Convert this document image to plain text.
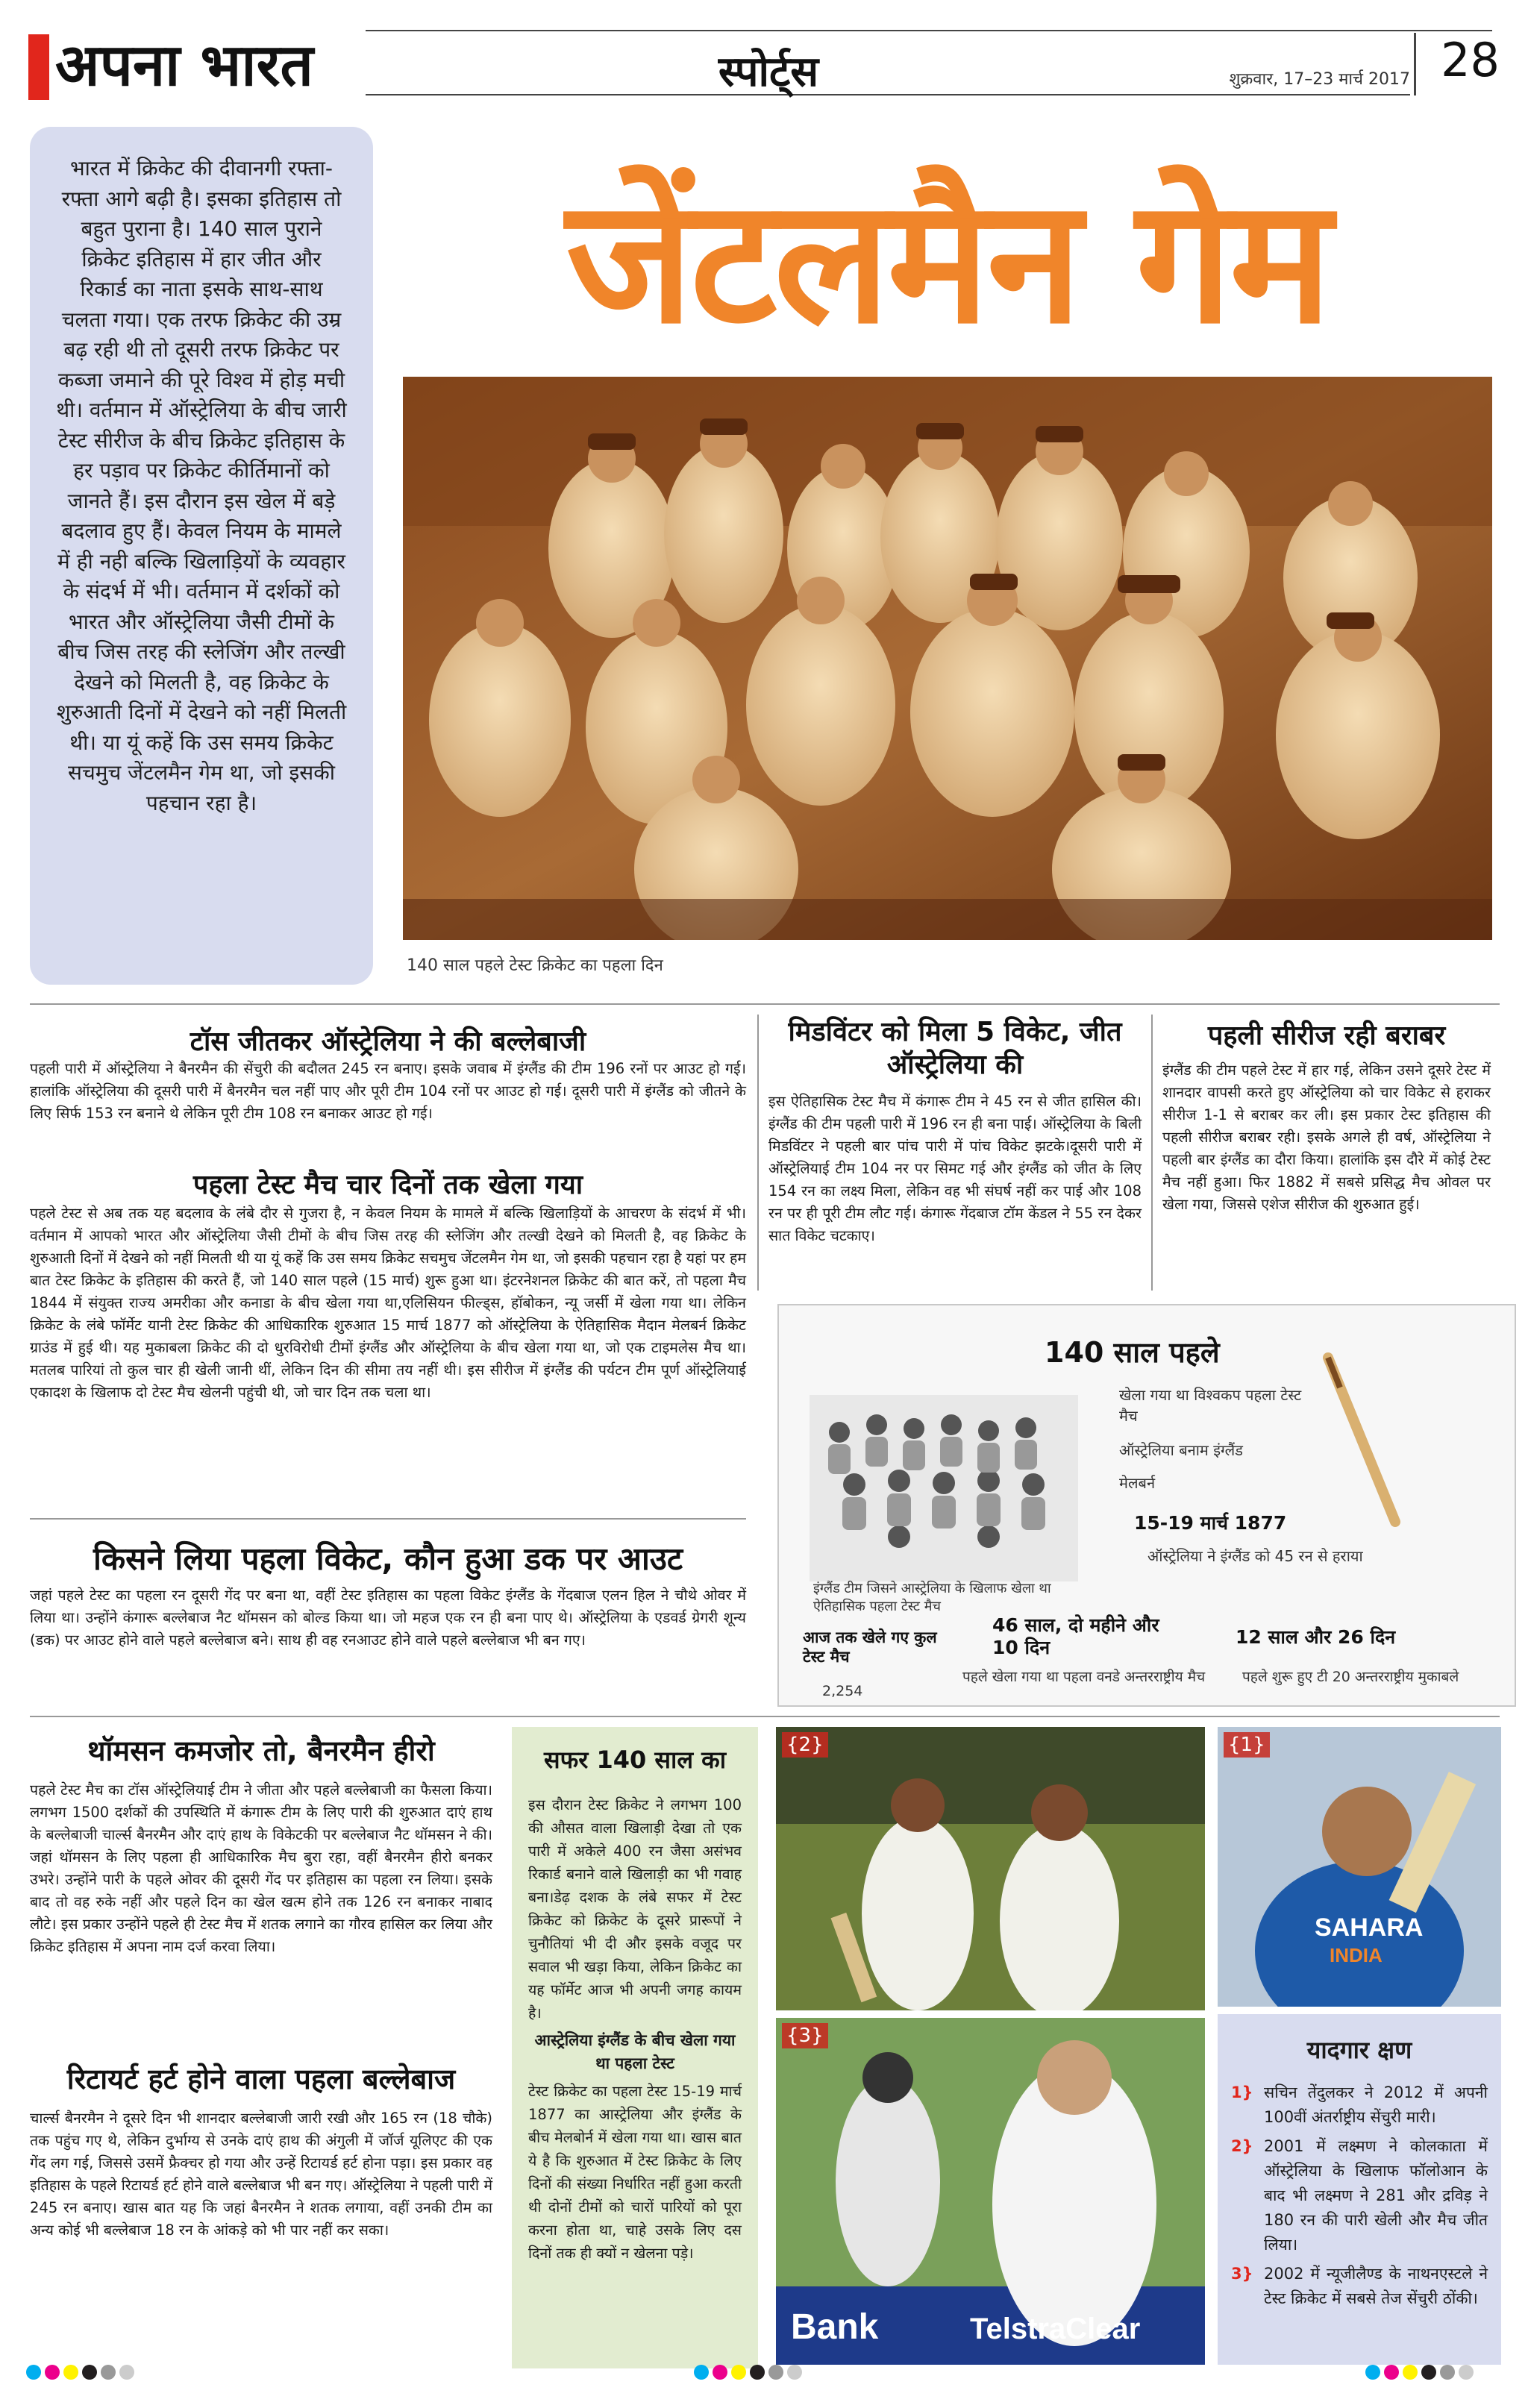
अपना भारत	स्पोर्ट्स	शुक्रवार, 17–23 मार्च 2017 28
भारत में क्रिकेट की दीवानगी रफ्ता-रफ्ता आगे बढ़ी है। इसका इतिहास तो बहुत पुराना है। 140 साल पुराने क्रिकेट इतिहास में हार जीत और रिकार्ड का नाता इसके साथ-साथ चलता गया। एक तरफ क्रिकेट की उम्र बढ़ रही थी तो दूसरी तरफ क्रिकेट पर कब्जा जमाने की पूरे विश्व में होड़ मची थी। वर्तमान में ऑस्ट्रेलिया के बीच जारी टेस्ट सीरीज के बीच क्रिकेट इतिहास के हर पड़ाव पर क्रिकेट कीर्तिमानों को जानते हैं। इस दौरान इस खेल में बड़े बदलाव हुए हैं। केवल नियम के मामले में ही नही बल्कि खिलाड़ियों के व्यवहार के संदर्भ में भी। वर्तमान में दर्शकों को भारत और ऑस्ट्रेलिया जैसी टीमों के बीच जिस तरह की स्लेजिंग और तल्खी देखने को मिलती है, वह क्रिकेट के शुरुआती दिनों में देखने को नहीं मिलती थी। या यूं कहें कि उस समय क्रिकेट सचमुच जेंटलमैन गेम था, जो इसकी पहचान रहा है।
जेंटलमैन गेम
140 साल पहले टेस्ट क्रिकेट का पहला दिन
टॉस जीतकर ऑस्ट्रेलिया ने की बल्लेबाजी
पहली पारी में ऑस्ट्रेलिया ने बैनरमैन की सेंचुरी की बदौलत 245 रन बनाए। इसके जवाब में इंग्लैंड की टीम 196 रनों पर आउट हो गई। हालांकि ऑस्ट्रेलिया की दूसरी पारी में बैनरमैन चल नहीं पाए और पूरी टीम 104 रनों पर आउट हो गई। दूसरी पारी में इंग्लैंड को जीतने के लिए सिर्फ 153 रन बनाने थे लेकिन पूरी टीम 108 रन बनाकर आउट हो गई।
पहला टेस्ट मैच चार दिनों तक खेला गया
पहले टेस्ट से अब तक यह बदलाव के लंबे दौर से गुजरा है, न केवल नियम के मामले में बल्कि खिलाड़ियों के आचरण के संदर्भ में भी। वर्तमान में आपको भारत और ऑस्ट्रेलिया जैसी टीमों के बीच जिस तरह की स्लेजिंग और तल्खी देखने को मिलती है, वह क्रिकेट के शुरुआती दिनों में देखने को नहीं मिलती थी या यूं कहें कि उस समय क्रिकेट सचमुच जेंटलमैन गेम था, जो इसकी पहचान रहा है यहां पर हम बात टेस्ट क्रिकेट के इतिहास की करते हैं, जो 140 साल पहले (15 मार्च) शुरू हुआ था। इंटरनेशनल क्रिकेट की बात करें, तो पहला मैच 1844 में संयुक्त राज्य अमरीका और कनाडा के बीच खेला गया था,एलिसियन फील्ड्स, हॉबोकन, न्यू जर्सी में खेला गया था। लेकिन क्रिकेट के लंबे फॉर्मेट यानी टेस्ट क्रिकेट की आधिकारिक शुरुआत 15 मार्च 1877 को ऑस्ट्रेलिया के ऐतिहासिक मैदान मेलबर्न क्रिकेट ग्राउंड में हुई थी। यह मुकाबला क्रिकेट की दो धुरविरोधी टीमों इंग्लैंड और ऑस्ट्रेलिया के बीच खेला गया था, जो एक टाइमलेस मैच था। मतलब पारियां तो कुल चार ही खेली जानी थीं, लेकिन दिन की सीमा तय नहीं थी। इस सीरीज में इंग्लैंड की पर्यटन टीम पूर्ण ऑस्ट्रेलियाई एकादश के खिलाफ दो टेस्ट मैच खेलनी पहुंची थी, जो चार दिन तक चला था।
मिडविंटर को मिला 5 विकेट, जीत ऑस्ट्रेलिया की
इस ऐतिहासिक टेस्ट मैच में कंगारू टीम ने 45 रन से जीत हासिल की। इंग्लैंड की टीम पहली पारी में 196 रन ही बना पाई। ऑस्ट्रेलिया के बिली मिडविंटर ने पहली बार पांच पारी में पांच विकेट झटके।दूसरी पारी में ऑस्ट्रेलियाई टीम 104 नर पर सिमट गई और इंग्लैंड को जीत के लिए 154 रन का लक्ष्य मिला, लेकिन वह भी संघर्ष नहीं कर पाई और 108 रन पर ही पूरी टीम लौट गई। कंगारू गेंदबाज टॉम केंडल ने 55 रन देकर सात विकेट चटकाए।
पहली सीरीज रही बराबर
इंग्लैंड की टीम पहले टेस्ट में हार गई, लेकिन उसने दूसरे टेस्ट में शानदार वापसी करते हुए ऑस्ट्रेलिया को चार विकेट से हराकर सीरीज 1-1 से बराबर कर ली। इस प्रकार टेस्ट इतिहास की पहली सीरीज बराबर रही। इसके अगले ही वर्ष, ऑस्ट्रेलिया ने पहली बार इंग्लैंड का दौरा किया। हालांकि इस दौरे में कोई टेस्ट मैच नहीं हुआ। फिर 1882 में सबसे प्रसिद्ध मैच ओवल पर खेला गया, जिससे एशेज सीरीज की शुरुआत हुई।
140 साल पहले
खेला गया था विश्वकप पहला टेस्ट मैच
ऑस्ट्रेलिया बनाम इंग्लैंड
मेलबर्न
15-19 मार्च 1877
ऑस्ट्रेलिया ने इंग्लैंड को 45 रन से हराया
इंग्लैंड टीम जिसने आस्ट्रेलिया के खिलाफ खेला था ऐतिहासिक पहला टेस्ट मैच
आज तक खेले गए कुल टेस्ट मैच
2,254
46 साल, दो महीने और 10 दिन
पहले खेला गया था पहला वनडे अन्तरराष्ट्रीय मैच
12 साल और 26 दिन
पहले शुरू हुए टी 20 अन्तरराष्ट्रीय मुकाबले
किसने लिया पहला विकेट, कौन हुआ डक पर आउट
जहां पहले टेस्ट का पहला रन दूसरी गेंद पर बना था, वहीं टेस्ट इतिहास का पहला विकेट इंग्लैंड के गेंदबाज एलन हिल ने चौथे ओवर में लिया था। उन्होंने कंगारू बल्लेबाज नैट थॉमसन को बोल्ड किया था। जो महज एक रन ही बना पाए थे। ऑस्ट्रेलिया के एडवर्ड ग्रेगरी शून्य (डक) पर आउट होने वाले पहले बल्लेबाज बने। साथ ही वह रनआउट होने वाले पहले बल्लेबाज भी बन गए।
थॉमसन कमजोर तो, बैनरमैन हीरो
पहले टेस्ट मैच का टॉस ऑस्ट्रेलियाई टीम ने जीता और पहले बल्लेबाजी का फैसला किया। लगभग 1500 दर्शकों की उपस्थिति में कंगारू टीम के लिए पारी की शुरुआत दाएं हाथ के बल्लेबाजी चार्ल्स बैनरमैन और दाएं हाथ के विकेटकी पर बल्लेबाज नैट थॉमसन ने की। जहां थॉमसन के लिए पहला ही आधिकारिक मैच बुरा रहा, वहीं बैनरमैन हीरो बनकर उभरे। उन्होंने पारी के पहले ओवर की दूसरी गेंद पर इतिहास का पहला रन लिया। इसके बाद तो वह रुके नहीं और पहले दिन का खेल खत्म होने तक 126 रन बनाकर नाबाद लौटे। इस प्रकार उन्होंने पहले ही टेस्ट मैच में शतक लगाने का गौरव हासिल कर लिया और क्रिकेट इतिहास में अपना नाम दर्ज करवा लिया।
रिटायर्ट हर्ट होने वाला पहला बल्लेबाज
चार्ल्स बैनरमैन ने दूसरे दिन भी शानदार बल्लेबाजी जारी रखी और 165 रन (18 चौके) तक पहुंच गए थे, लेकिन दुर्भाग्य से उनके दाएं हाथ की अंगुली में जॉर्ज यूलिएट की एक गेंद लग गई, जिससे उसमें फ्रैक्चर हो गया और उन्हें रिटायर्ड हर्ट होना पड़ा। इस प्रकार वह इतिहास के पहले रिटायर्ड हर्ट होने वाले बल्लेबाज भी बन गए। ऑस्ट्रेलिया ने पहली पारी में 245 रन बनाए। खास बात यह कि जहां बैनरमैन ने शतक लगाया, वहीं उनकी टीम का अन्य कोई भी बल्लेबाज 18 रन के आंकड़े को भी पार नहीं कर सका।
सफर 140 साल का
इस दौरान टेस्ट क्रिकेट ने लगभग 100 की औसत वाला खिलाड़ी देखा तो एक पारी में अकेले 400 रन जैसा असंभव रिकार्ड बनाने वाले खिलाड़ी का भी गवाह बना।डेढ़ दशक के लंबे सफर में टेस्ट क्रिकेट को क्रिकेट के दूसरे प्रारूपों ने चुनौतियां भी दी और इसके वजूद पर सवाल भी खड़ा किया, लेकिन क्रिकेट का यह फॉर्मेट आज भी अपनी जगह कायम है।
आस्ट्रेलिया इंग्लैंड के बीच खेला गया था पहला टेस्ट
टेस्ट क्रिकेट का पहला टेस्ट 15-19 मार्च 1877 का आस्ट्रेलिया और इंग्लैंड के बीच मेलबोर्न में खेला गया था। खास बात ये है कि शुरुआत में टेस्ट क्रिकेट के लिए दिनों की संख्या निर्धारित नहीं हुआ करती थी दोनों टीमों को चारों पारियों को पूरा करना होता था, चाहे उसके लिए दस दिनों तक ही क्यों न खेलना पड़े।
{2}
SAHARA
INDIA
{1}
Bank	TelstraClear
{3}	यादगार क्षण
1} सचिन तेंदुलकर ने 2012 में अपनी 100वीं अंतर्राष्ट्रीय सेंचुरी मारी।
2} 2001 में लक्ष्मण ने कोलकाता में ऑस्ट्रेलिया के खिलाफ फॉलोआन के बाद भी लक्ष्मण ने 281 और द्रविड़ ने 180 रन की पारी खेली और मैच जीत लिया।
3} 2002 में न्यूजीलैण्ड के नाथनएस्टले ने टेस्ट क्रिकेट में सबसे तेज सेंचुरी ठोंकी।
